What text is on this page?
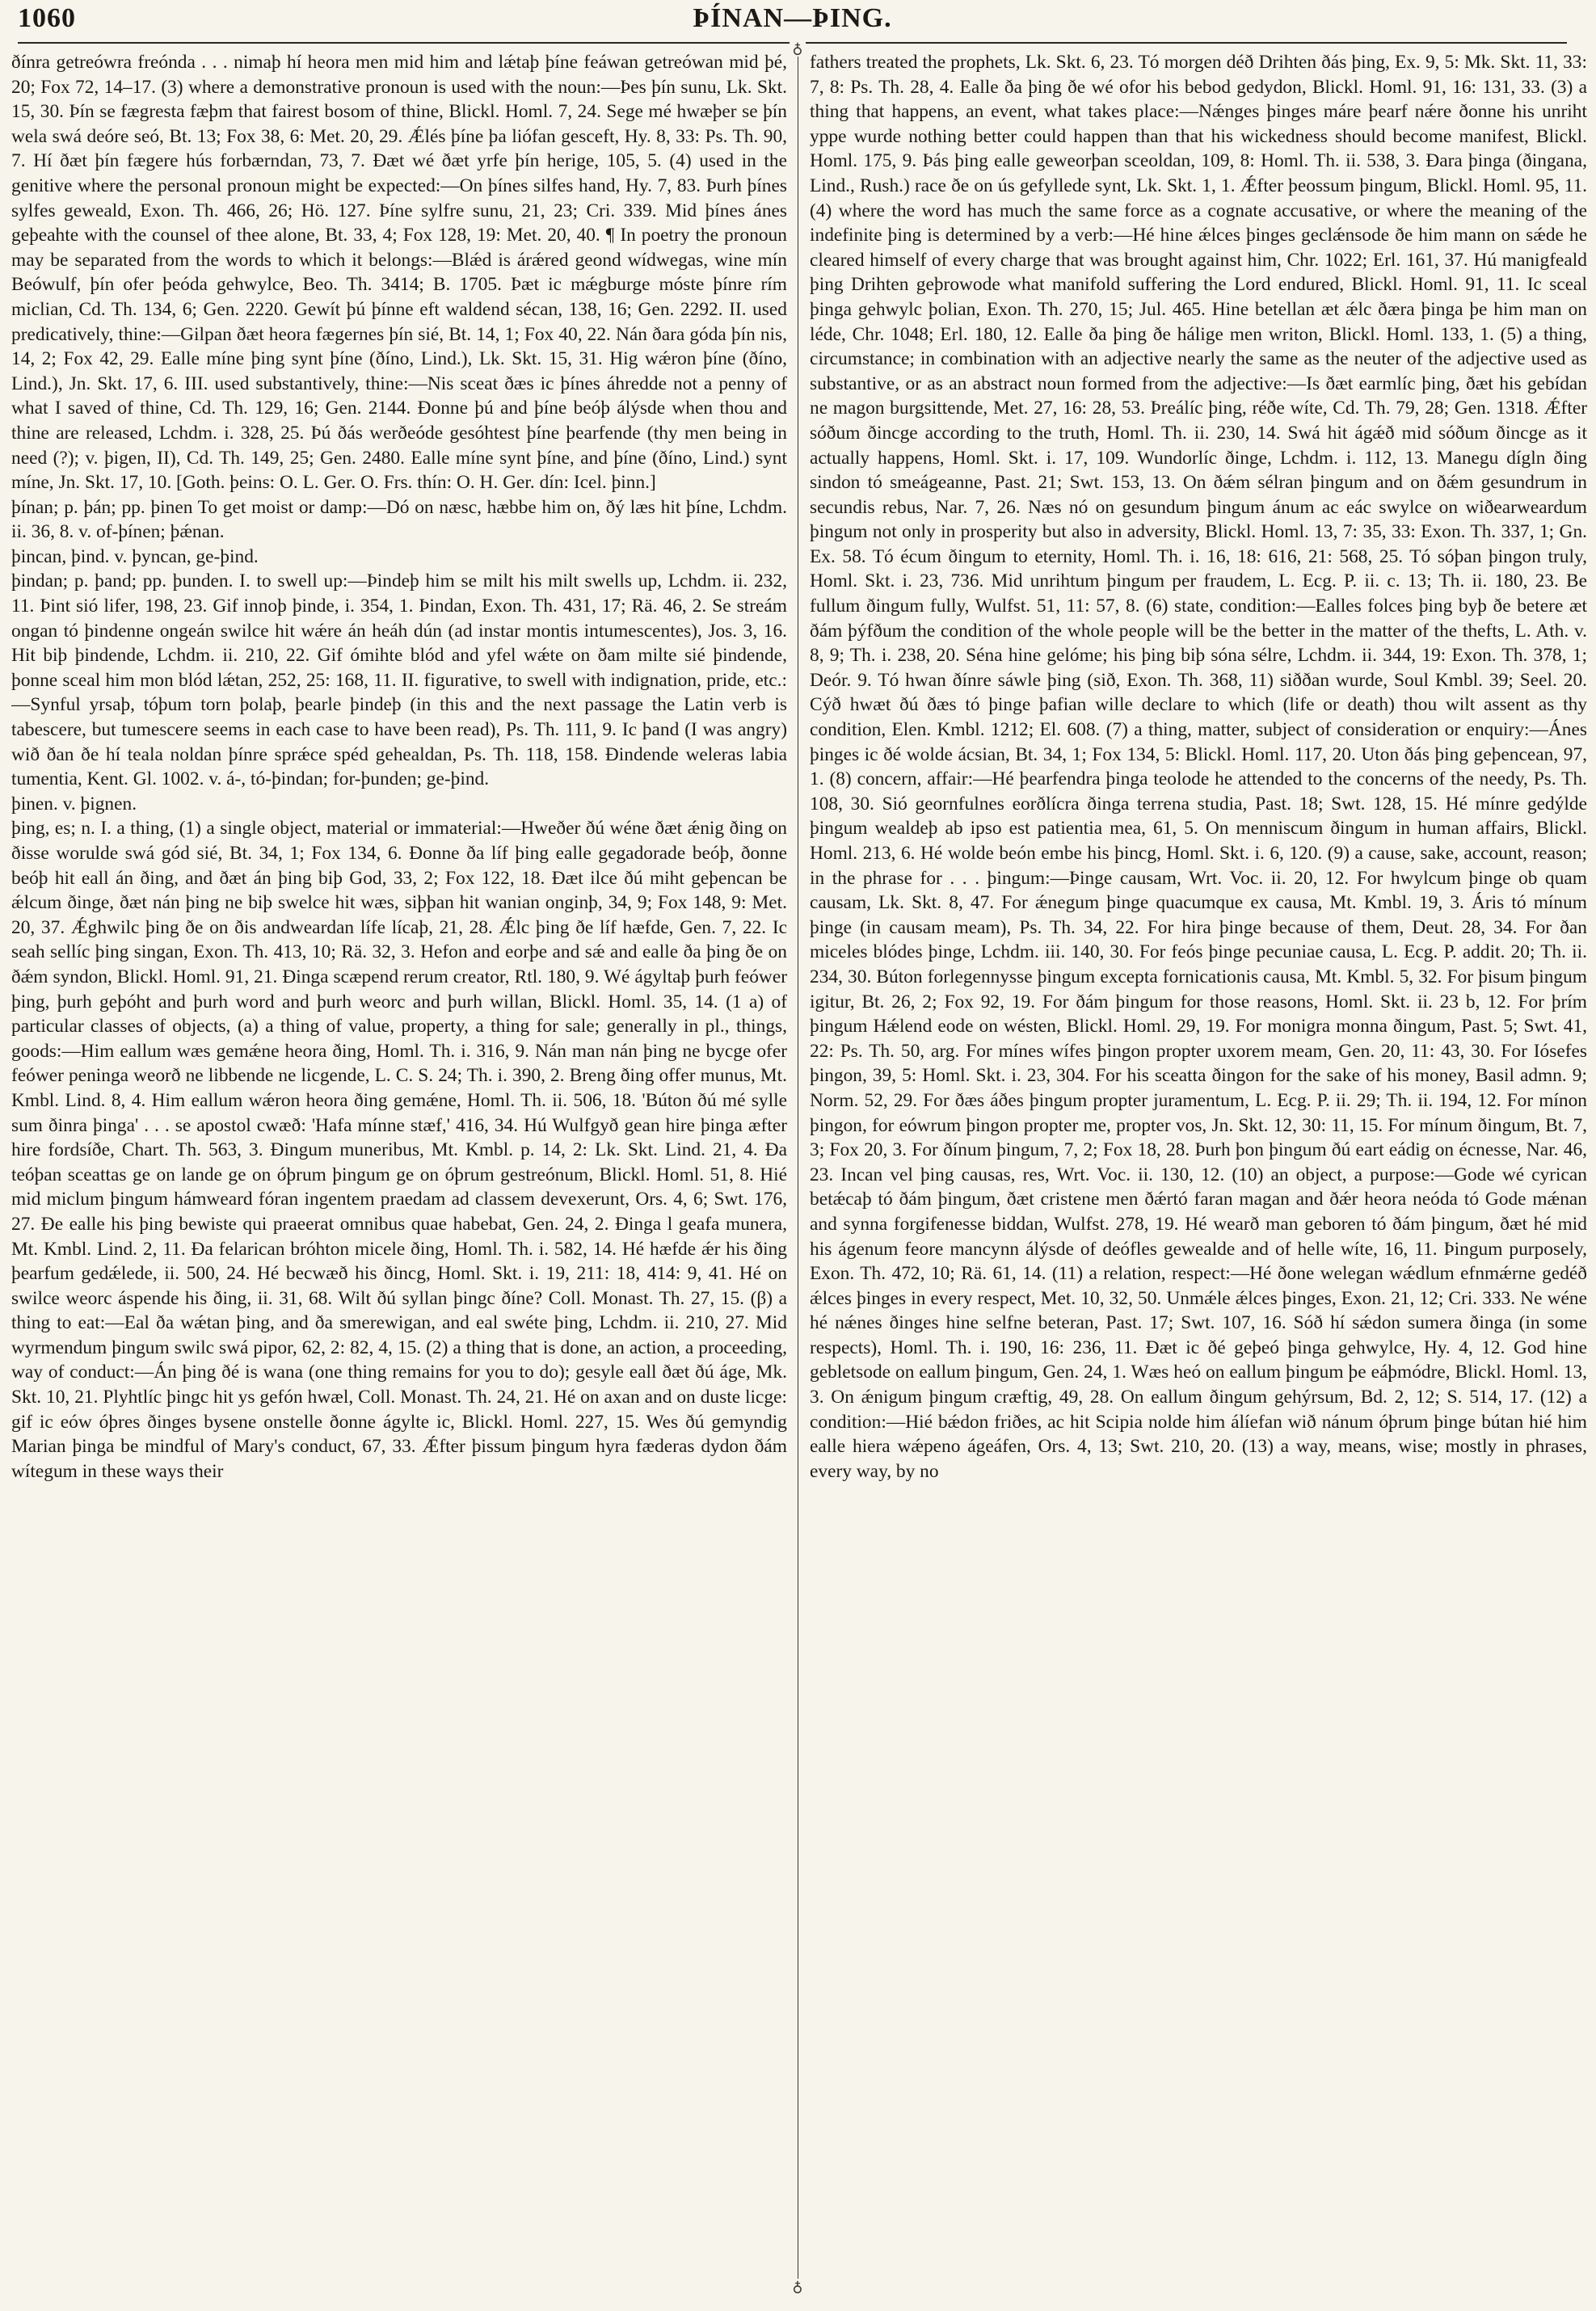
1060	ÞÍNAN—ÞING.

ðínra getreówra freónda . . . nimaþ hí heora men mid him and lǽtaþ þíne feáwan getreówan mid þé, 20; Fox 72, 14–17. (3) where a demonstrative pronoun is used with the noun:—Þes þín sunu, Lk. Skt. 15, 30. Þín se fægresta fæþm that fairest bosom of thine, Blickl. Homl. 7, 24. Sege mé hwæþer se þín wela swá deóre seó, Bt. 13; Fox 38, 6: Met. 20, 29. Ǽlés þíne þa liófan gesceft, Hy. 8, 33: Ps. Th. 90, 7. Hí ðæt þín fægere hús forbærndan, 73, 7. Ðæt wé ðæt yrfe þín herige, 105, 5. (4) used in the genitive where the personal pronoun might be expected:—On þínes silfes hand, Hy. 7, 83. Þurh þínes sylfes geweald, Exon. Th. 466, 26; Hö. 127. Þíne sylfre sunu, 21, 23; Cri. 339. Mid þínes ánes geþeahte with the counsel of thee alone, Bt. 33, 4; Fox 128, 19: Met. 20, 40. ¶ In poetry the pronoun may be separated from the words to which it belongs:—Blǽd is árǽred geond wídwegas, wine mín Beówulf, þín ofer þeóda gehwylce, Beo. Th. 3414; B. 1705. Þæt ic mǽgburge móste þínre rím miclian, Cd. Th. 134, 6; Gen. 2220. Gewít þú þínne eft waldend sécan, 138, 16; Gen. 2292. II. used predicatively, thine:—Gilpan ðæt heora fægernes þín sié, Bt. 14, 1; Fox 40, 22. Nán ðara góda þín nis, 14, 2; Fox 42, 29. Ealle míne þing synt þíne (ðíno, Lind.), Lk. Skt. 15, 31. Hig wǽron þíne (ðíno, Lind.), Jn. Skt. 17, 6. III. used substantively, thine:—Nis sceat ðæs ic þínes áhredde not a penny of what I saved of thine, Cd. Th. 129, 16; Gen. 2144. Ðonne þú and þíne beóþ álýsde when thou and thine are released, Lchdm. i. 328, 25. Þú ðás werðeóde gesóhtest þíne þearfende (thy men being in need (?); v. þigen, II), Cd. Th. 149, 25; Gen. 2480. Ealle míne synt þíne, and þíne (ðíno, Lind.) synt míne, Jn. Skt. 17, 10. [Goth. þeins: O. L. Ger. O. Frs. thín: O. H. Ger. dín: Icel. þinn.]

þínan; p. þán; pp. þinen To get moist or damp:—Dó on næsc, hæbbe him on, ðý læs hit þíne, Lchdm. ii. 36, 8. v. of-þínen; þǽnan.

þincan, þind. v. þyncan, ge-þind.

þindan; p. þand; pp. þunden. I. to swell up:—Þindeþ him se milt his milt swells up, Lchdm. ii. 232, 11. Þint sió lifer, 198, 23. Gif innoþ þinde, i. 354, 1. Þindan, Exon. Th. 431, 17; Rä. 46, 2. Se streám ongan tó þindenne ongeán swilce hit wǽre án heáh dún (ad instar montis intumescentes), Jos. 3, 16. Hit biþ þindende, Lchdm. ii. 210, 22. Gif ómihte blód and yfel wǽte on ðam milte sié þindende, þonne sceal him mon blód lǽtan, 252, 25: 168, 11. II. figurative, to swell with indignation, pride, etc.:—Synful yrsaþ, tóþum torn þolaþ, þearle þindeþ (in this and the next passage the Latin verb is tabescere, but tumescere seems in each case to have been read), Ps. Th. 111, 9. Ic þand (I was angry) wið ðan ðe hí teala noldan þínre sprǽce spéd gehealdan, Ps. Th. 118, 158. Ðindende weleras labia tumentia, Kent. Gl. 1002. v. á-, tó-þindan; for-þunden; ge-þind.

þinen. v. þignen.

þing, es; n. I. a thing, (1) a single object, material or immaterial:—Hweðer ðú wéne ðæt ǽnig ðing on ðisse worulde swá gód sié, Bt. 34, 1; Fox 134, 6. Ðonne ða líf þing ealle gegadorade beóþ, ðonne beóþ hit eall án ðing, and ðæt án þing biþ God, 33, 2; Fox 122, 18. Ðæt ilce ðú miht geþencan be ǽlcum ðinge, ðæt nán þing ne biþ swelce hit wæs, siþþan hit wanian onginþ, 34, 9; Fox 148, 9: Met. 20, 37. Ǽghwilc þing ðe on ðis andweardan lífe lícaþ, 21, 28. Ǽlc þing ðe líf hæfde, Gen. 7, 22. Ic seah sellíc þing singan, Exon. Th. 413, 10; Rä. 32, 3. Hefon and eorþe and sǽ and ealle ða þing ðe on ðǽm syndon, Blickl. Homl. 91, 21. Ðinga scæpend rerum creator, Rtl. 180, 9. Wé ágyltaþ þurh feówer þing, þurh geþóht and þurh word and þurh weorc and þurh willan, Blickl. Homl. 35, 14. (1 a) of particular classes of objects, (a) a thing of value, property, a thing for sale; generally in pl., things, goods:—Him eallum wæs gemǽne heora ðing, Homl. Th. i. 316, 9. Nán man nán þing ne bycge ofer feówer peninga weorð ne libbende ne licgende, L. C. S. 24; Th. i. 390, 2. Breng ðing offer munus, Mt. Kmbl. Lind. 8, 4. Him eallum wǽron heora ðing gemǽne, Homl. Th. ii. 506, 18. 'Búton ðú mé sylle sum ðinra þinga' . . . se apostol cwæð: 'Hafa mínne stæf,' 416, 34. Hú Wulfgyð gean hire þinga æfter hire fordsíðe, Chart. Th. 563, 3. Ðingum muneribus, Mt. Kmbl. p. 14, 2: Lk. Skt. Lind. 21, 4. Ða teóþan sceattas ge on lande ge on óþrum þingum ge on óþrum gestreónum, Blickl. Homl. 51, 8. Hié mid miclum þingum hámweard fóran ingentem praedam ad classem devexerunt, Ors. 4, 6; Swt. 176, 27. Ðe ealle his þing bewiste qui praeerat omnibus quae habebat, Gen. 24, 2. Ðinga l geafa munera, Mt. Kmbl. Lind. 2, 11. Ða felarican bróhton micele ðing, Homl. Th. i. 582, 14. Hé hæfde ǽr his ðing þearfum gedǽlede, ii. 500, 24. Hé becwæð his ðincg, Homl. Skt. i. 19, 211: 18, 414: 9, 41. Hé on swilce weorc áspende his ðing, ii. 31, 68. Wilt ðú syllan þingc ðíne? Coll. Monast. Th. 27, 15. (β) a thing to eat:—Eal ða wǽtan þing, and ða smerewigan, and eal swéte þing, Lchdm. ii. 210, 27. Mid wyrmendum þingum swilc swá pipor, 62, 2: 82, 4, 15. (2) a thing that is done, an action, a proceeding, way of conduct:—Án þing ðé is wana (one thing remains for you to do); gesyle eall ðæt ðú áge, Mk. Skt. 10, 21. Plyhtlíc þingc hit ys gefón hwæl, Coll. Monast. Th. 24, 21. Hé on axan and on duste licge: gif ic eów óþres ðinges bysene onstelle ðonne ágylte ic, Blickl. Homl. 227, 15. Wes ðú gemyndig Marian þinga be mindful of Mary's conduct, 67, 33. Ǽfter þissum þingum hyra fæderas dydon ðám wítegum in these ways their

♁
♁

fathers treated the prophets, Lk. Skt. 6, 23. Tó morgen déð Drihten ðás þing, Ex. 9, 5: Mk. Skt. 11, 33: 7, 8: Ps. Th. 28, 4. Ealle ða þing ðe wé ofor his bebod gedydon, Blickl. Homl. 91, 16: 131, 33. (3) a thing that happens, an event, what takes place:—Nǽnges þinges máre þearf nǽre ðonne his unriht yppe wurde nothing better could happen than that his wickedness should become manifest, Blickl. Homl. 175, 9. Þás þing ealle geweorþan sceoldan, 109, 8: Homl. Th. ii. 538, 3. Ðara þinga (ðingana, Lind., Rush.) race ðe on ús gefyllede synt, Lk. Skt. 1, 1. Ǽfter þeossum þingum, Blickl. Homl. 95, 11. (4) where the word has much the same force as a cognate accusative, or where the meaning of the indefinite þing is determined by a verb:—Hé hine ǽlces þinges geclǽnsode ðe him mann on sǽde he cleared himself of every charge that was brought against him, Chr. 1022; Erl. 161, 37. Hú manigfeald þing Drihten geþrowode what manifold suffering the Lord endured, Blickl. Homl. 91, 11. Ic sceal þinga gehwylc þolian, Exon. Th. 270, 15; Jul. 465. Hine betellan æt ǽlc ðæra þinga þe him man on léde, Chr. 1048; Erl. 180, 12. Ealle ða þing ðe hálige men writon, Blickl. Homl. 133, 1. (5) a thing, circumstance; in combination with an adjective nearly the same as the neuter of the adjective used as substantive, or as an abstract noun formed from the adjective:—Is ðæt earmlíc þing, ðæt his gebídan ne magon burgsittende, Met. 27, 16: 28, 53. Þreálíc þing, réðe wíte, Cd. Th. 79, 28; Gen. 1318. Ǽfter sóðum ðincge according to the truth, Homl. Th. ii. 230, 14. Swá hit ágǽð mid sóðum ðincge as it actually happens, Homl. Skt. i. 17, 109. Wundorlíc ðinge, Lchdm. i. 112, 13. Manegu dígln ðing sindon tó smeágeanne, Past. 21; Swt. 153, 13. On ðǽm sélran þingum and on ðǽm gesundrum in secundis rebus, Nar. 7, 26. Næs nó on gesundum þingum ánum ac eác swylce on wiðearweardum þingum not only in prosperity but also in adversity, Blickl. Homl. 13, 7: 35, 33: Exon. Th. 337, 1; Gn. Ex. 58. Tó écum ðingum to eternity, Homl. Th. i. 16, 18: 616, 21: 568, 25. Tó sóþan þingon truly, Homl. Skt. i. 23, 736. Mid unrihtum þingum per fraudem, L. Ecg. P. ii. c. 13; Th. ii. 180, 23. Be fullum ðingum fully, Wulfst. 51, 11: 57, 8. (6) state, condition:—Ealles folces þing byþ ðe betere æt ðám þýfðum the condition of the whole people will be the better in the matter of the thefts, L. Ath. v. 8, 9; Th. i. 238, 20. Séna hine gelóme; his þing biþ sóna sélre, Lchdm. ii. 344, 19: Exon. Th. 378, 1; Deór. 9. Tó hwan ðínre sáwle þing (sið, Exon. Th. 368, 11) siððan wurde, Soul Kmbl. 39; Seel. 20. Cýð hwæt ðú ðæs tó þinge þafian wille declare to which (life or death) thou wilt assent as thy condition, Elen. Kmbl. 1212; El. 608. (7) a thing, matter, subject of consideration or enquiry:—Ánes þinges ic ðé wolde ácsian, Bt. 34, 1; Fox 134, 5: Blickl. Homl. 117, 20. Uton ðás þing geþencean, 97, 1. (8) concern, affair:—Hé þearfendra þinga teolode he attended to the concerns of the needy, Ps. Th. 108, 30. Sió geornfulnes eorðlícra ðinga terrena studia, Past. 18; Swt. 128, 15. Hé mínre gedýlde þingum wealdeþ ab ipso est patientia mea, 61, 5. On menniscum ðingum in human affairs, Blickl. Homl. 213, 6. Hé wolde beón embe his þincg, Homl. Skt. i. 6, 120. (9) a cause, sake, account, reason; in the phrase for . . . þingum:—Þinge causam, Wrt. Voc. ii. 20, 12. For hwylcum þinge ob quam causam, Lk. Skt. 8, 47. For ǽnegum þinge quacumque ex causa, Mt. Kmbl. 19, 3. Áris tó mínum þinge (in causam meam), Ps. Th. 34, 22. For hira þinge because of them, Deut. 28, 34. For ðan miceles blódes þinge, Lchdm. iii. 140, 30. For feós þinge pecuniae causa, L. Ecg. P. addit. 20; Th. ii. 234, 30. Búton forlegennysse þingum excepta fornicationis causa, Mt. Kmbl. 5, 32. For þisum þingum igitur, Bt. 26, 2; Fox 92, 19. For ðám þingum for those reasons, Homl. Skt. ii. 23 b, 12. For þrím þingum Hǽlend eode on wésten, Blickl. Homl. 29, 19. For monigra monna ðingum, Past. 5; Swt. 41, 22: Ps. Th. 50, arg. For mínes wífes þingon propter uxorem meam, Gen. 20, 11: 43, 30. For Iósefes þingon, 39, 5: Homl. Skt. i. 23, 304. For his sceatta ðingon for the sake of his money, Basil admn. 9; Norm. 52, 29. For ðæs áðes þingum propter juramentum, L. Ecg. P. ii. 29; Th. ii. 194, 12. For mínon þingon, for eówrum þingon propter me, propter vos, Jn. Skt. 12, 30: 11, 15. For mínum ðingum, Bt. 7, 3; Fox 20, 3. For ðínum þingum, 7, 2; Fox 18, 28. Þurh þon þingum ðú eart eádig on écnesse, Nar. 46, 23. Incan vel þing causas, res, Wrt. Voc. ii. 130, 12. (10) an object, a purpose:—Gode wé cyrican betǽcaþ tó ðám þingum, ðæt cristene men ðǽrtó faran magan and ðǽr heora neóda tó Gode mǽnan and synna forgifenesse biddan, Wulfst. 278, 19. Hé wearð man geboren tó ðám þingum, ðæt hé mid his ágenum feore mancynn álýsde of deófles gewealde and of helle wíte, 16, 11. Þingum purposely, Exon. Th. 472, 10; Rä. 61, 14. (11) a relation, respect:—Hé ðone welegan wǽdlum efnmǽrne gedéð ǽlces þinges in every respect, Met. 10, 32, 50. Unmǽle ǽlces þinges, Exon. 21, 12; Cri. 333. Ne wéne hé nǽnes ðinges hine selfne beteran, Past. 17; Swt. 107, 16. Sóð hí sǽdon sumera ðinga (in some respects), Homl. Th. i. 190, 16: 236, 11. Ðæt ic ðé geþeó þinga gehwylce, Hy. 4, 12. God hine gebletsode on eallum þingum, Gen. 24, 1. Wæs heó on eallum þingum þe eáþmódre, Blickl. Homl. 13, 3. On ǽnigum þingum cræftig, 49, 28. On eallum ðingum gehýrsum, Bd. 2, 12; S. 514, 17. (12) a condition:—Hié bǽdon friðes, ac hit Scipia nolde him álíefan wið nánum óþrum þinge bútan hié him ealle hiera wǽpeno ágeáfen, Ors. 4, 13; Swt. 210, 20. (13) a way, means, wise; mostly in phrases, every way, by no
